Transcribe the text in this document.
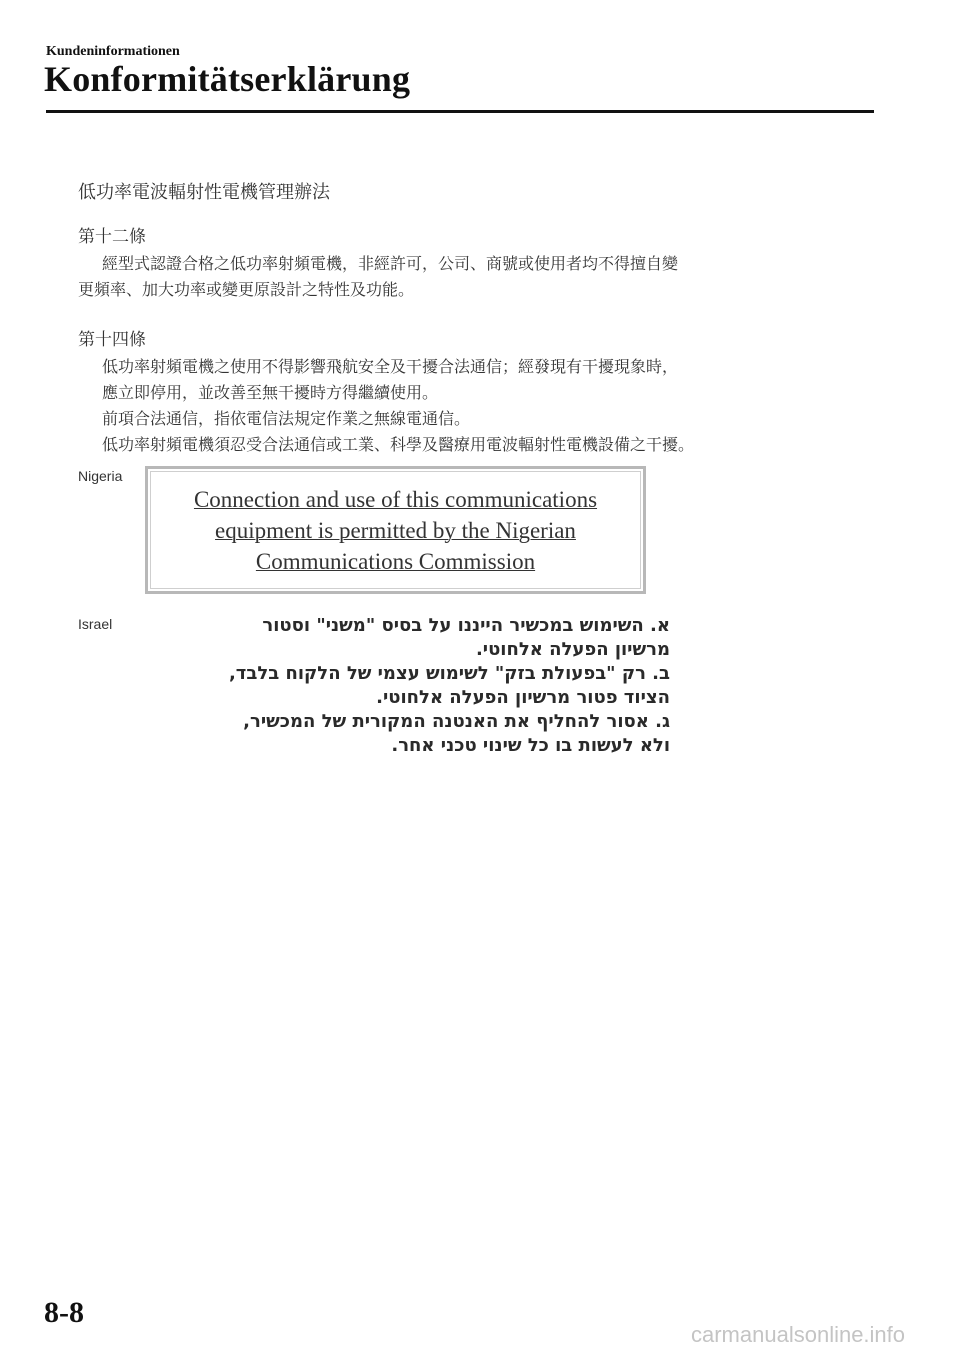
Kundeninformationen
Konformitätserklärung
低功率電波輻射性電機管理辦法
第十二條
經型式認證合格之低功率射頻電機，非經許可，公司、商號或使用者均不得擅自變
更頻率、加大功率或變更原設計之特性及功能。
第十四條
低功率射頻電機之使用不得影響飛航安全及干擾合法通信；經發現有干擾現象時，
應立即停用，並改善至無干擾時方得繼續使用。
前項合法通信，指依電信法規定作業之無線電通信。
低功率射頻電機須忍受合法通信或工業、科學及醫療用電波輻射性電機設備之干擾。
Nigeria
Connection and use of this communications
equipment is permitted by the Nigerian
Communications Commission
Israel	א. השימוש במכשיר הייננו על בסיס "משני" וסטור
מרשיון הפעלה אלחוטי.
ב. רק "בפעולת בזק" לשימוש עצמי של הלקוח בלבד,
הציוד פטור מרשיון הפעלה אלחוטי.
ג. אסור להחליף את האנטנה המקורית של המכשיר,
ולא לעשות בו כל שינוי טכני אחר.
8-8
carmanualsonline.info
